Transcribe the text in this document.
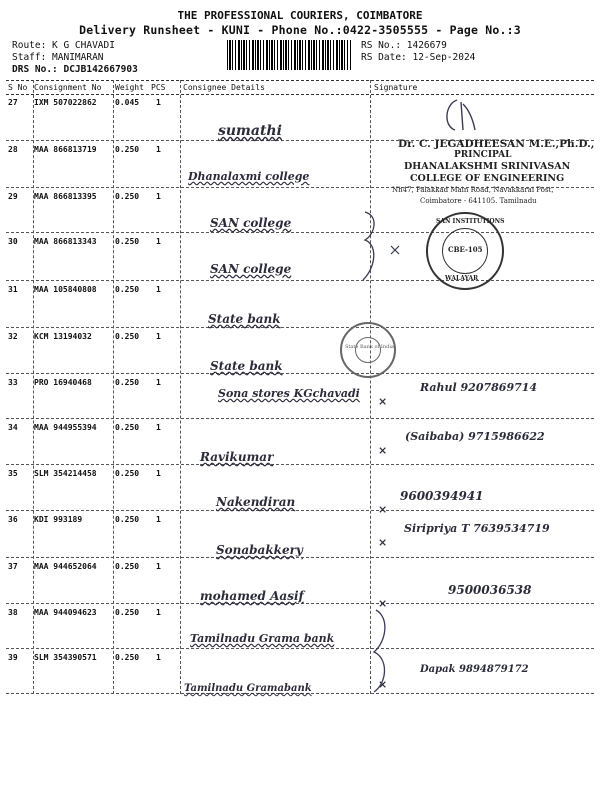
THE PROFESSIONAL COURIERS, COIMBATORE
Delivery Runsheet - KUNI - Phone No.:0422-3505555 - Page No.:3
Route: K G CHAVADI
Staff: MANIMARAN
DRS No.: DCJB142667903
RS No.: 1426679
RS Date: 12-Sep-2024
S No Consignment No Weight PCS Consignee Details	Signature
27 IXM 507022862 0.045 1
sumathi
28 MAA 866813719 0.250 1
Dhanalaxmi college
29 MAA 866813395 0.250 1
SAN college
30 MAA 866813343 0.250 1
SAN college
31 MAA 105840808 0.250 1
State bank
32 KCM 13194032	0.250 1
State bank
33 PRO 16940468	0.250 1
Sona stores KGchavadi	Rahul 9207869714
×
34 MAA 944955394 0.250 1
Ravikumar
(Saibaba) 9715986622
×
35 SLM 354214458 0.250 1
Nakendiran	9600394941
×
36 KDI 993189	0.250 1
Sonabakkery
Siripriya T 7639534719
×
37 MAA 944652064 0.250 1
mohamed Aasif	9500036538
×
38 MAA 944094623 0.250 1
Tamilnadu Grama bank
39 SLM 354390571 0.250 1
Tamilnadu Gramabank
Dapak 9894879172
×
Dr. C. JEGADHEESAN M.E.,Ph.D.,
PRINCIPAL
DHANALAKSHMI SRINIVASAN
COLLEGE OF ENGINEERING
Nh47, Palakkad Main Road, Navakkarai Post,
Coimbatore - 641105. Tamilnadu
SAN INSTITUTIONS
CBE-105
WALAYAR
State Bank of India
